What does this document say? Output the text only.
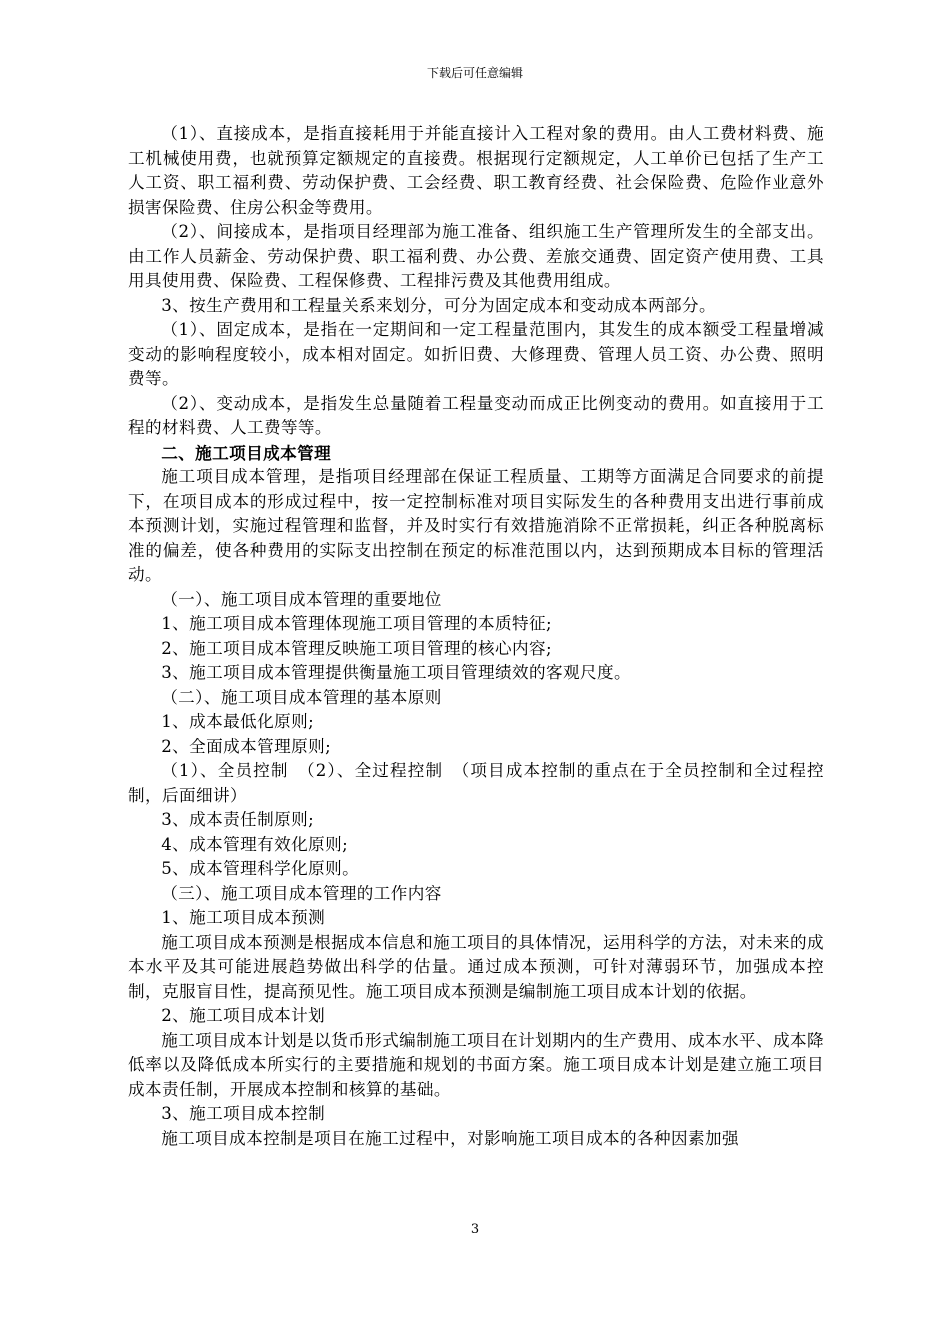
下载后可任意编辑

（1）、直接成本，是指直接耗用于并能直接计入工程对象的费用。由人工费材料费、施工机械使用费，也就预算定额规定的直接费。根据现行定额规定，人工单价已包括了生产工人工资、职工福利费、劳动保护费、工会经费、职工教育经费、社会保险费、危险作业意外损害保险费、住房公积金等费用。

（2）、间接成本，是指项目经理部为施工准备、组织施工生产管理所发生的全部支出。由工作人员薪金、劳动保护费、职工福利费、办公费、差旅交通费、固定资产使用费、工具用具使用费、保险费、工程保修费、工程排污费及其他费用组成。

3、按生产费用和工程量关系来划分，可分为固定成本和变动成本两部分。

（1）、固定成本，是指在一定期间和一定工程量范围内，其发生的成本额受工程量增减变动的影响程度较小，成本相对固定。如折旧费、大修理费、管理人员工资、办公费、照明费等。

（2）、变动成本，是指发生总量随着工程量变动而成正比例变动的费用。如直接用于工程的材料费、人工费等等。

二、施工项目成本管理

施工项目成本管理，是指项目经理部在保证工程质量、工期等方面满足合同要求的前提下，在项目成本的形成过程中，按一定控制标准对项目实际发生的各种费用支出进行事前成本预测计划，实施过程管理和监督，并及时实行有效措施消除不正常损耗，纠正各种脱离标准的偏差，使各种费用的实际支出控制在预定的标准范围以内，达到预期成本目标的管理活动。

（一）、施工项目成本管理的重要地位

1、施工项目成本管理体现施工项目管理的本质特征;

2、施工项目成本管理反映施工项目管理的核心内容;

3、施工项目成本管理提供衡量施工项目管理绩效的客观尺度。

（二）、施工项目成本管理的基本原则

1、成本最低化原则;

2、全面成本管理原则;

（1）、全员控制　（2）、全过程控制　（项目成本控制的重点在于全员控制和全过程控制，后面细讲）

3、成本责任制原则;

4、成本管理有效化原则;

5、成本管理科学化原则。

（三）、施工项目成本管理的工作内容

1、施工项目成本预测

施工项目成本预测是根据成本信息和施工项目的具体情况，运用科学的方法，对未来的成本水平及其可能进展趋势做出科学的估量。通过成本预测，可针对薄弱环节，加强成本控制，克服盲目性，提高预见性。施工项目成本预测是编制施工项目成本计划的依据。

2、施工项目成本计划

施工项目成本计划是以货币形式编制施工项目在计划期内的生产费用、成本水平、成本降低率以及降低成本所实行的主要措施和规划的书面方案。施工项目成本计划是建立施工项目成本责任制，开展成本控制和核算的基础。

3、施工项目成本控制

施工项目成本控制是项目在施工过程中，对影响施工项目成本的各种因素加强

3
